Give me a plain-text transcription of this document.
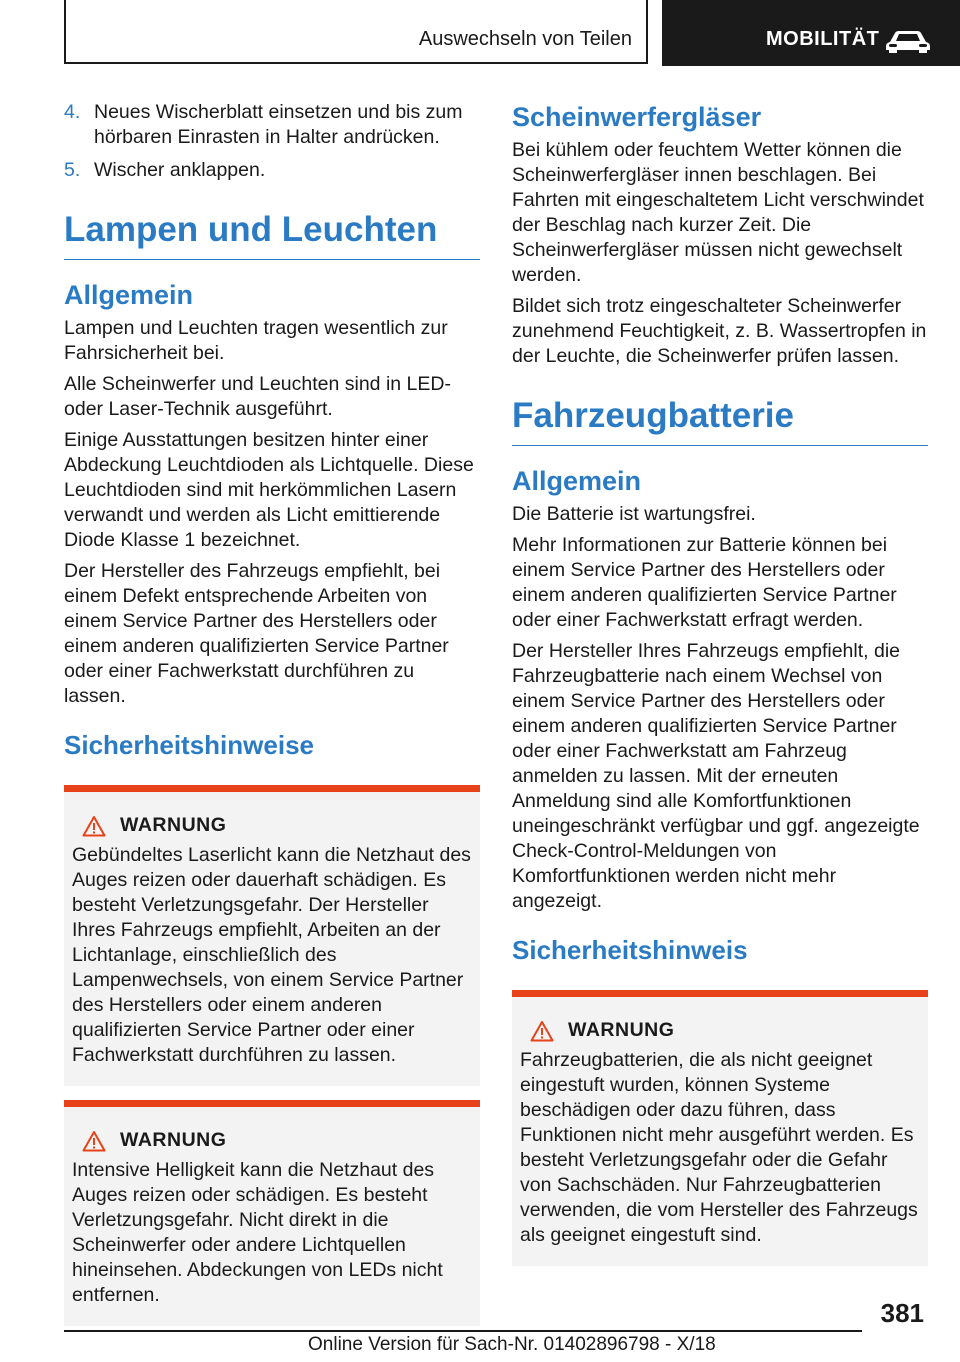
Auswechseln von Teilen	MOBILITÄT
4. Neues Wischerblatt einsetzen und bis zum hörbaren Einrasten in Halter andrücken.
5. Wischer anklappen.
Lampen und Leuchten
Allgemein

Lampen und Leuchten tragen wesentlich zur Fahrsicherheit bei.

Alle Scheinwerfer und Leuchten sind in LED- oder Laser-Technik ausgeführt.

Einige Ausstattungen besitzen hinter einer Abdeckung Leuchtdioden als Lichtquelle. Diese Leuchtdioden sind mit herkömmlichen Lasern verwandt und werden als Licht emittierende Diode Klasse 1 bezeichnet.

Der Hersteller des Fahrzeugs empfiehlt, bei einem Defekt entsprechende Arbeiten von einem Service Partner des Herstellers oder einem anderen qualifizierten Service Partner oder einer Fachwerkstatt durchführen zu lassen.

Sicherheitshinweise
WARNUNG

Gebündeltes Laserlicht kann die Netzhaut des Auges reizen oder dauerhaft schädigen. Es besteht Verletzungsgefahr. Der Hersteller Ihres Fahrzeugs empfiehlt, Arbeiten an der Lichtanlage, einschließlich des Lampenwechsels, von einem Service Partner des Herstellers oder einem anderen qualifizierten Service Partner oder einer Fachwerkstatt durchführen zu lassen.

WARNUNG

Intensive Helligkeit kann die Netzhaut des Auges reizen oder schädigen. Es besteht Verletzungsgefahr. Nicht direkt in die Scheinwerfer oder andere Lichtquellen hineinsehen. Abdeckungen von LEDs nicht entfernen.

Scheinwerfergläser

Bei kühlem oder feuchtem Wetter können die Scheinwerfergläser innen beschlagen. Bei Fahrten mit eingeschaltetem Licht verschwindet der Beschlag nach kurzer Zeit. Die Scheinwerfergläser müssen nicht gewechselt werden.

Bildet sich trotz eingeschalteter Scheinwerfer zunehmend Feuchtigkeit, z. B. Wassertropfen in der Leuchte, die Scheinwerfer prüfen lassen.

Fahrzeugbatterie
Allgemein

Die Batterie ist wartungsfrei.

Mehr Informationen zur Batterie können bei einem Service Partner des Herstellers oder einem anderen qualifizierten Service Partner oder einer Fachwerkstatt erfragt werden.

Der Hersteller Ihres Fahrzeugs empfiehlt, die Fahrzeugbatterie nach einem Wechsel von einem Service Partner des Herstellers oder einem anderen qualifizierten Service Partner oder einer Fachwerkstatt am Fahrzeug anmelden zu lassen. Mit der erneuten Anmeldung sind alle Komfortfunktionen uneingeschränkt verfügbar und ggf. angezeigte Check-Control-Meldungen von Komfortfunktionen werden nicht mehr angezeigt.

Sicherheitshinweis
WARNUNG

Fahrzeugbatterien, die als nicht geeignet eingestuft wurden, können Systeme beschädigen oder dazu führen, dass Funktionen nicht mehr ausgeführt werden. Es besteht Verletzungsgefahr oder die Gefahr von Sachschäden. Nur Fahrzeugbatterien verwenden, die vom Hersteller des Fahrzeugs als geeignet eingestuft sind.

381
Online Version für Sach-Nr. 01402896798 - X/18
